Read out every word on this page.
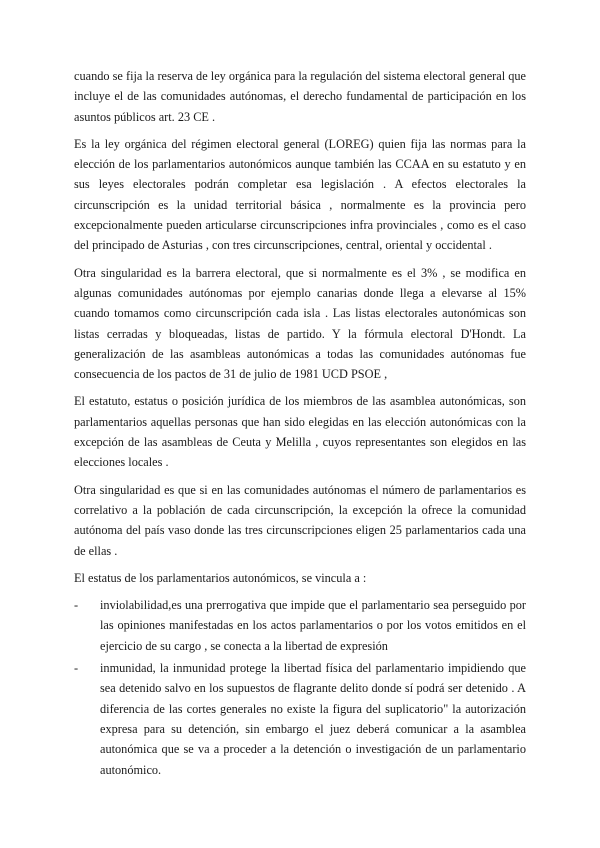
cuando se fija la reserva de ley orgánica para la regulación del sistema electoral general que incluye el de las comunidades autónomas, el derecho fundamental de participación en los asuntos públicos art. 23 CE .

Es la ley orgánica del régimen electoral general (LOREG) quien fija las normas para la elección de los parlamentarios autonómicos aunque también las CCAA en su estatuto y en sus leyes electorales podrán completar esa legislación . A efectos electorales la circunscripción es la unidad territorial básica , normalmente es la provincia pero excepcionalmente pueden articularse circunscripciones infra provinciales , como es el caso del principado de Asturias , con tres circunscripciones, central, oriental y occidental .

Otra singularidad es la barrera electoral, que si normalmente es el 3% , se modifica en algunas comunidades autónomas por ejemplo canarias donde llega a elevarse al 15% cuando tomamos como circunscripción cada isla . Las listas electorales autonómicas son listas cerradas y bloqueadas, listas de partido. Y la fórmula electoral D'Hondt. La generalización de las asambleas autonómicas a todas las comunidades autónomas fue consecuencia de los pactos de 31 de julio de 1981 UCD PSOE ,

El estatuto, estatus o posición jurídica de los miembros de las asamblea autonómicas, son parlamentarios aquellas personas que han sido elegidas en las elección autonómicas con la excepción de las asambleas de Ceuta y Melilla , cuyos representantes son elegidos en las elecciones locales .

Otra singularidad es que si en las comunidades autónomas el número de parlamentarios es correlativo a la población de cada circunscripción, la excepción la ofrece la comunidad autónoma del país vaso donde las tres circunscripciones eligen 25 parlamentarios cada una de ellas .

El estatus de los parlamentarios autonómicos, se vincula a :

- inviolabilidad,es una prerrogativa que impide que el parlamentario sea perseguido por las opiniones manifestadas en los actos parlamentarios o por los votos emitidos en el ejercicio de su cargo , se conecta a la libertad de expresión
- inmunidad, la inmunidad protege la libertad física del parlamentario impidiendo que sea detenido salvo en los supuestos de flagrante delito donde sí podrá ser detenido . A diferencia de las cortes generales no existe la figura del suplicatorio" la autorización expresa para su detención, sin embargo el juez deberá comunicar a la asamblea autonómica que se va a proceder a la detención o investigación de un parlamentario autonómico.
